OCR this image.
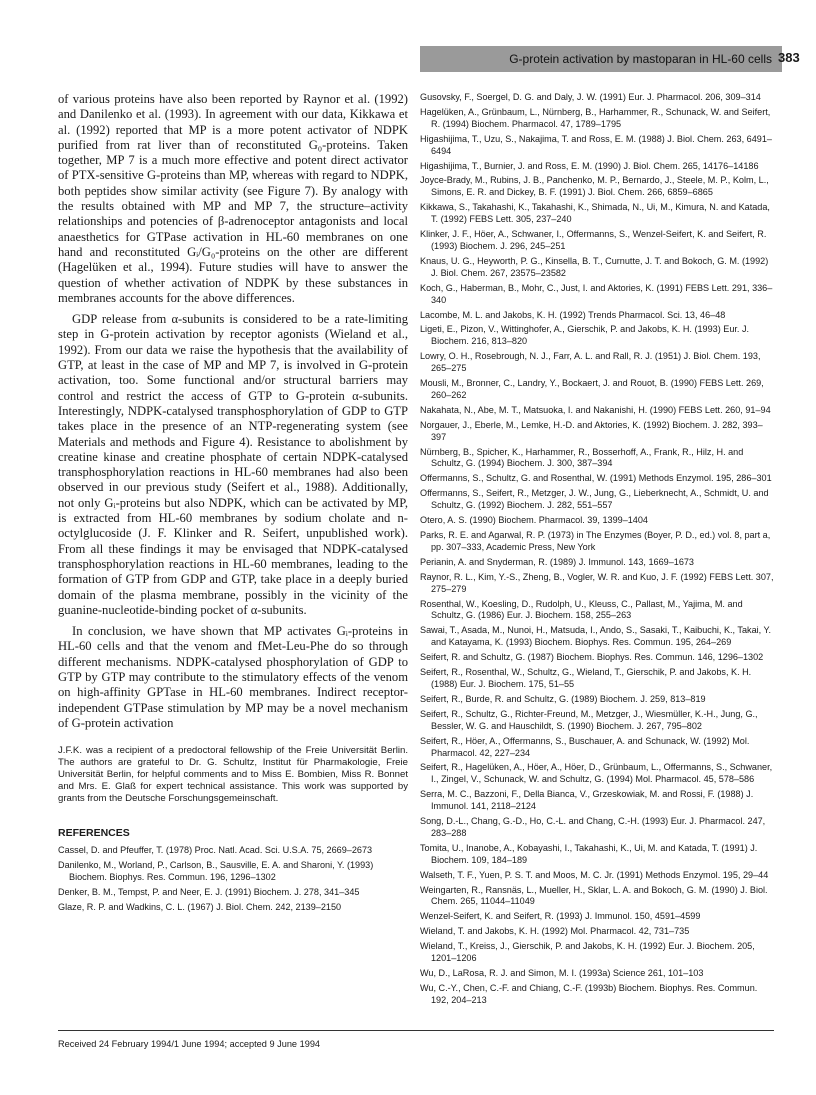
G-protein activation by mastoparan in HL-60 cells 383

of various proteins have also been reported by Raynor et al. (1992) and Danilenko et al. (1993). In agreement with our data, Kikkawa et al. (1992) reported that MP is a more potent activator of NDPK purified from rat liver than of reconstituted G₀-proteins. Taken together, MP 7 is a much more effective and potent direct activator of PTX-sensitive G-proteins than MP, whereas with regard to NDPK, both peptides show similar activity (see Figure 7). By analogy with the results obtained with MP and MP 7, the structure–activity relationships and potencies of β-adrenoceptor antagonists and local anaesthetics for GTPase activation in HL-60 membranes on one hand and reconstituted Gᵢ/G₀-proteins on the other are different (Hagelüken et al., 1994). Future studies will have to answer the question of whether activation of NDPK by these substances in membranes accounts for the above differences.

GDP release from α-subunits is considered to be a rate-limiting step in G-protein activation by receptor agonists (Wieland et al., 1992). From our data we raise the hypothesis that the availability of GTP, at least in the case of MP and MP 7, is involved in G-protein activation, too. Some functional and/or structural barriers may control and restrict the access of GTP to G-protein α-subunits. Interestingly, NDPK-catalysed transphosphorylation of GDP to GTP takes place in the presence of an NTP-regenerating system (see Materials and methods and Figure 4). Resistance to abolishment by creatine kinase and creatine phosphate of certain NDPK-catalysed transphosphorylation reactions in HL-60 membranes had also been observed in our previous study (Seifert et al., 1988). Additionally, not only Gᵢ-proteins but also NDPK, which can be activated by MP, is extracted from HL-60 membranes by sodium cholate and n-octylglucoside (J. F. Klinker and R. Seifert, unpublished work). From all these findings it may be envisaged that NDPK-catalysed transphosphorylation reactions in HL-60 membranes, leading to the formation of GTP from GDP and GTP, take place in a deeply buried domain of the plasma membrane, possibly in the vicinity of the guanine-nucleotide-binding pocket of α-subunits.

In conclusion, we have shown that MP activates Gᵢ-proteins in HL-60 cells and that the venom and fMet-Leu-Phe do so through different mechanisms. NDPK-catalysed phosphorylation of GDP to GTP by GTP may contribute to the stimulatory effects of the venom on high-affinity GPTase in HL-60 membranes. Indirect receptor-independent GTPase stimulation by MP may be a novel mechanism of G-protein activation

J.F.K. was a recipient of a predoctoral fellowship of the Freie Universität Berlin. The authors are grateful to Dr. G. Schultz, Institut für Pharmakologie, Freie Universität Berlin, for helpful comments and to Miss E. Bombien, Miss R. Bonnet and Mrs. E. Glaß for expert technical assistance. This work was supported by grants from the Deutsche Forschungsgemeinschaft.
REFERENCES

Cassel, D. and Pfeuffer, T. (1978) Proc. Natl. Acad. Sci. U.S.A. 75, 2669–2673

Danilenko, M., Worland, P., Carlson, B., Sausville, E. A. and Sharoni, Y. (1993) Biochem. Biophys. Res. Commun. 196, 1296–1302

Denker, B. M., Tempst, P. and Neer, E. J. (1991) Biochem. J. 278, 341–345

Glaze, R. P. and Wadkins, C. L. (1967) J. Biol. Chem. 242, 2139–2150

Gusovsky, F., Soergel, D. G. and Daly, J. W. (1991) Eur. J. Pharmacol. 206, 309–314

Hagelüken, A., Grünbaum, L., Nürnberg, B., Harhammer, R., Schunack, W. and Seifert, R. (1994) Biochem. Pharmacol. 47, 1789–1795

Higashijima, T., Uzu, S., Nakajima, T. and Ross, E. M. (1988) J. Biol. Chem. 263, 6491–6494

Higashijima, T., Burnier, J. and Ross, E. M. (1990) J. Biol. Chem. 265, 14176–14186

Joyce-Brady, M., Rubins, J. B., Panchenko, M. P., Bernardo, J., Steele, M. P., Kolm, L., Simons, E. R. and Dickey, B. F. (1991) J. Biol. Chem. 266, 6859–6865

Kikkawa, S., Takahashi, K., Takahashi, K., Shimada, N., Ui, M., Kimura, N. and Katada, T. (1992) FEBS Lett. 305, 237–240

Klinker, J. F., Höer, A., Schwaner, I., Offermanns, S., Wenzel-Seifert, K. and Seifert, R. (1993) Biochem. J. 296, 245–251

Knaus, U. G., Heyworth, P. G., Kinsella, B. T., Curnutte, J. T. and Bokoch, G. M. (1992) J. Biol. Chem. 267, 23575–23582

Koch, G., Haberman, B., Mohr, C., Just, I. and Aktories, K. (1991) FEBS Lett. 291, 336–340

Lacombe, M. L. and Jakobs, K. H. (1992) Trends Pharmacol. Sci. 13, 46–48

Ligeti, E., Pizon, V., Wittinghofer, A., Gierschik, P. and Jakobs, K. H. (1993) Eur. J. Biochem. 216, 813–820

Lowry, O. H., Rosebrough, N. J., Farr, A. L. and Rall, R. J. (1951) J. Biol. Chem. 193, 265–275

Mousli, M., Bronner, C., Landry, Y., Bockaert, J. and Rouot, B. (1990) FEBS Lett. 269, 260–262

Nakahata, N., Abe, M. T., Matsuoka, I. and Nakanishi, H. (1990) FEBS Lett. 260, 91–94

Norgauer, J., Eberle, M., Lemke, H.-D. and Aktories, K. (1992) Biochem. J. 282, 393–397

Nürnberg, B., Spicher, K., Harhammer, R., Bosserhoff, A., Frank, R., Hilz, H. and Schultz, G. (1994) Biochem. J. 300, 387–394

Offermanns, S., Schultz, G. and Rosenthal, W. (1991) Methods Enzymol. 195, 286–301

Offermanns, S., Seifert, R., Metzger, J. W., Jung, G., Lieberknecht, A., Schmidt, U. and Schultz, G. (1992) Biochem. J. 282, 551–557

Otero, A. S. (1990) Biochem. Pharmacol. 39, 1399–1404

Parks, R. E. and Agarwal, R. P. (1973) in The Enzymes (Boyer, P. D., ed.) vol. 8, part a, pp. 307–333, Academic Press, New York

Perianin, A. and Snyderman, R. (1989) J. Immunol. 143, 1669–1673

Raynor, R. L., Kim, Y.-S., Zheng, B., Vogler, W. R. and Kuo, J. F. (1992) FEBS Lett. 307, 275–279

Rosenthal, W., Koesling, D., Rudolph, U., Kleuss, C., Pallast, M., Yajima, M. and Schultz, G. (1986) Eur. J. Biochem. 158, 255–263

Sawai, T., Asada, M., Nunoi, H., Matsuda, I., Ando, S., Sasaki, T., Kaibuchi, K., Takai, Y. and Katayama, K. (1993) Biochem. Biophys. Res. Commun. 195, 264–269

Seifert, R. and Schultz, G. (1987) Biochem. Biophys. Res. Commun. 146, 1296–1302

Seifert, R., Rosenthal, W., Schultz, G., Wieland, T., Gierschik, P. and Jakobs, K. H. (1988) Eur. J. Biochem. 175, 51–55

Seifert, R., Burde, R. and Schultz, G. (1989) Biochem. J. 259, 813–819

Seifert, R., Schultz, G., Richter-Freund, M., Metzger, J., Wiesmüller, K.-H., Jung, G., Bessler, W. G. and Hauschildt, S. (1990) Biochem. J. 267, 795–802

Seifert, R., Höer, A., Offermanns, S., Buschauer, A. and Schunack, W. (1992) Mol. Pharmacol. 42, 227–234

Seifert, R., Hagelüken, A., Höer, A., Höer, D., Grünbaum, L., Offermanns, S., Schwaner, I., Zingel, V., Schunack, W. and Schultz, G. (1994) Mol. Pharmacol. 45, 578–586

Serra, M. C., Bazzoni, F., Della Bianca, V., Grzeskowiak, M. and Rossi, F. (1988) J. Immunol. 141, 2118–2124

Song, D.-L., Chang, G.-D., Ho, C.-L. and Chang, C.-H. (1993) Eur. J. Pharmacol. 247, 283–288

Tomita, U., Inanobe, A., Kobayashi, I., Takahashi, K., Ui, M. and Katada, T. (1991) J. Biochem. 109, 184–189

Walseth, T. F., Yuen, P. S. T. and Moos, M. C. Jr. (1991) Methods Enzymol. 195, 29–44

Weingarten, R., Ransnäs, L., Mueller, H., Sklar, L. A. and Bokoch, G. M. (1990) J. Biol. Chem. 265, 11044–11049

Wenzel-Seifert, K. and Seifert, R. (1993) J. Immunol. 150, 4591–4599

Wieland, T. and Jakobs, K. H. (1992) Mol. Pharmacol. 42, 731–735

Wieland, T., Kreiss, J., Gierschik, P. and Jakobs, K. H. (1992) Eur. J. Biochem. 205, 1201–1206

Wu, D., LaRosa, R. J. and Simon, M. I. (1993a) Science 261, 101–103

Wu, C.-Y., Chen, C.-F. and Chiang, C.-F. (1993b) Biochem. Biophys. Res. Commun. 192, 204–213

Received 24 February 1994/1 June 1994; accepted 9 June 1994
